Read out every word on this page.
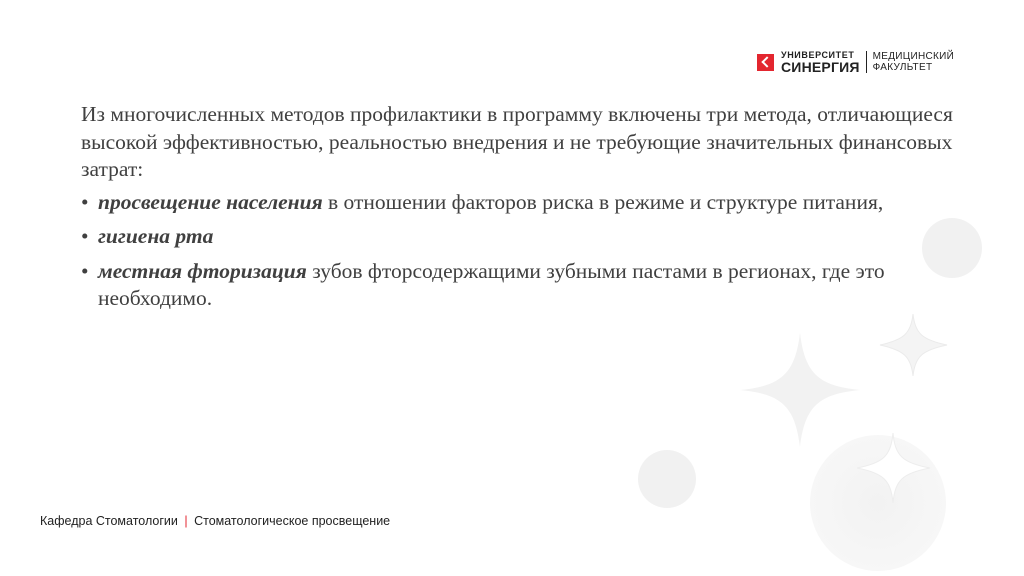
УНИВЕРСИТЕТ
СИНЕРГИЯ
МЕДИЦИНСКИЙ
ФАКУЛЬТЕТ

Из многочисленных методов профилактики в программу включены три метода, отличающиеся высокой эффективностью, реальностью внедрения и не требующие значительных финансовых затрат:

• просвещение населения в отношении факторов риска в режиме и структуре питания,
• гигиена рта
• местная фторизация зубов фторсодержащими зубными пастами в регионах, где это необходимо.
Кафедра Стоматологии | Стоматологическое просвещение
